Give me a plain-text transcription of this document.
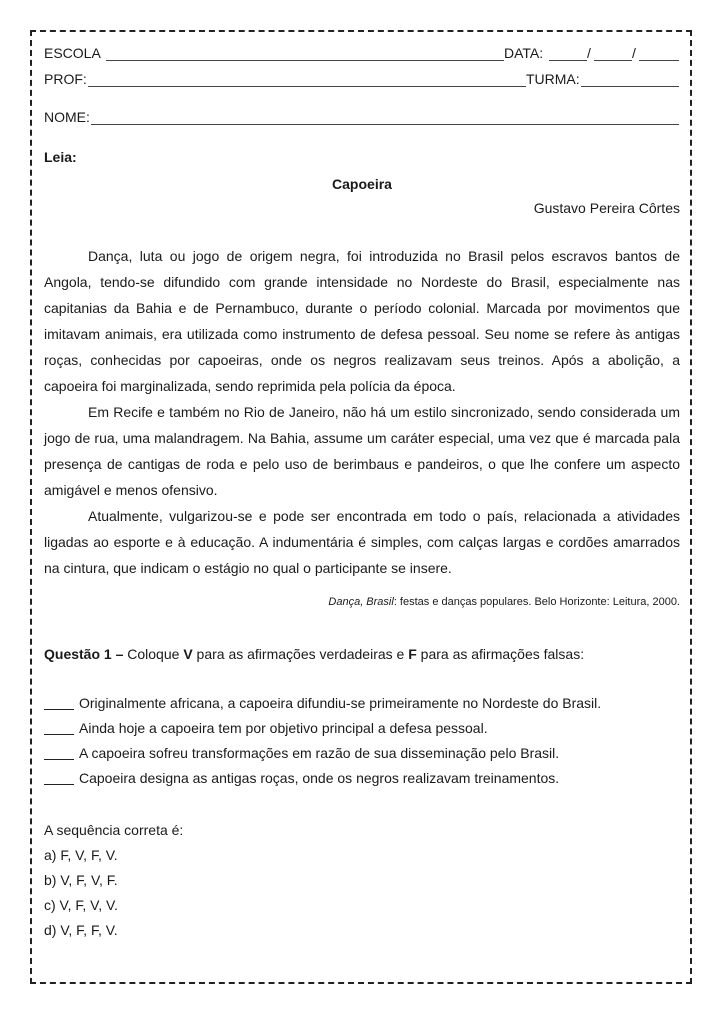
ESCOLA	DATA:	/	/
PROF:	TURMA:
NOME:
Leia:
Capoeira
Gustavo Pereira Côrtes

Dança, luta ou jogo de origem negra, foi introduzida no Brasil pelos escravos bantos de Angola, tendo-se difundido com grande intensidade no Nordeste do Brasil, especialmente nas capitanias da Bahia e de Pernambuco, durante o período colonial. Marcada por movimentos que imitavam animais, era utilizada como instrumento de defesa pessoal. Seu nome se refere às antigas roças, conhecidas por capoeiras, onde os negros realizavam seus treinos. Após a abolição, a capoeira foi marginalizada, sendo reprimida pela polícia da época.

Em Recife e também no Rio de Janeiro, não há um estilo sincronizado, sendo considerada um jogo de rua, uma malandragem. Na Bahia, assume um caráter especial, uma vez que é marcada pala presença de cantigas de roda e pelo uso de berimbaus e pandeiros, o que lhe confere um aspecto amigável e menos ofensivo.

Atualmente, vulgarizou-se e pode ser encontrada em todo o país, relacionada a atividades ligadas ao esporte e à educação. A indumentária é simples, com calças largas e cordões amarrados na cintura, que indicam o estágio no qual o participante se insere.

Dança, Brasil: festas e danças populares. Belo Horizonte: Leitura, 2000.
Questão 1 – Coloque V para as afirmações verdadeiras e F para as afirmações falsas:
Originalmente africana, a capoeira difundiu-se primeiramente no Nordeste do Brasil.
Ainda hoje a capoeira tem por objetivo principal a defesa pessoal.
A capoeira sofreu transformações em razão de sua disseminação pelo Brasil.
Capoeira designa as antigas roças, onde os negros realizavam treinamentos.
A sequência correta é:
a) F, V, F, V.
b) V, F, V, F.
c) V, F, V, V.
d) V, F, F, V.
